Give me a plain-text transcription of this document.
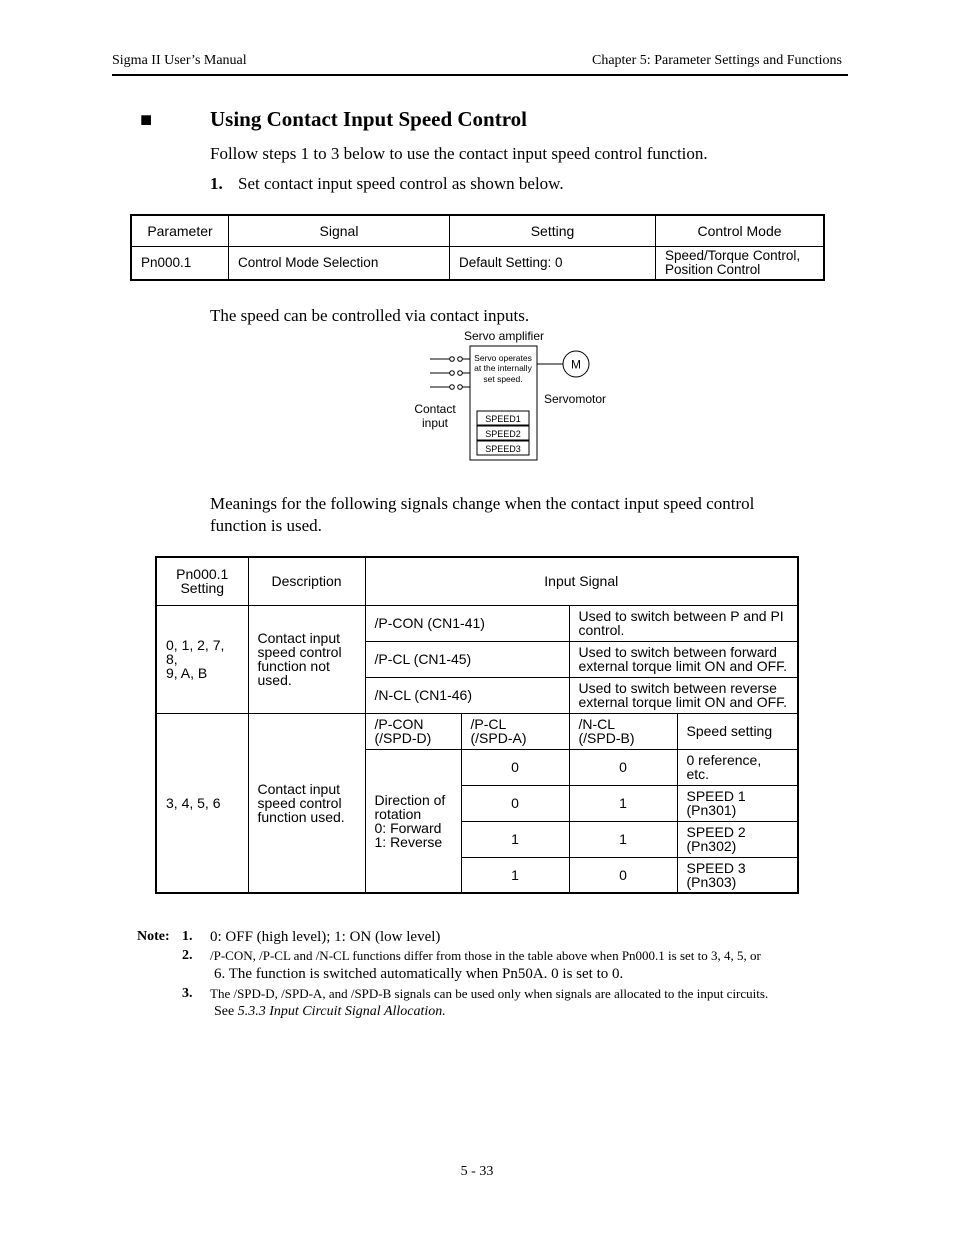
Sigma II User’s Manual	Chapter 5: Parameter Settings and Functions
■	Using Contact Input Speed Control
Follow steps 1 to 3 below to use the contact input speed control function.
1. Set contact input speed control as shown below.
Parameter	Signal	Setting	Control Mode
Pn000.1	Control Mode Selection	Default Setting: 0	Speed/Torque Control,
Position Control
The speed can be controlled via contact inputs.
Servo amplifier
Servo operates
at the internally
set speed.
M
Servomotor
Contact
input	SPEED1
SPEED2
SPEED3
Meanings for the following signals change when the contact input speed control
function is used.
Pn000.1
Setting	Description	Input Signal			
0, 1, 2, 7, 8,
9, A, B	Contact input
speed control
function not
used.	/P-CON (CN1-41)		Used to switch between P and PI
control.	
		/P-CL (CN1-45)		Used to switch between forward
external torque limit ON and OFF.	
		/N-CL (CN1-46)		Used to switch between reverse
external torque limit ON and OFF.	
3, 4, 5, 6	Contact input
speed control
function used.	/P-CON
(/SPD-D)	/P-CL
(/SPD-A)	/N-CL
(/SPD-B)	Speed setting
		Direction of
rotation
0: Forward
1: Reverse	0	0	0 reference,
etc.
			0	1	SPEED 1
(Pn301)
			1	1	SPEED 2
(Pn302)
			1	0	SPEED 3
(Pn303)
Note: 1. 0: OFF (high level); 1: ON (low level)
2. /P-CON, /P-CL and /N-CL functions differ from those in the table above when Pn000.1 is set to 3, 4, 5, or
6. The function is switched automatically when Pn50A. 0 is set to 0.
3. The /SPD-D, /SPD-A, and /SPD-B signals can be used only when signals are allocated to the input circuits.
See 5.3.3 Input Circuit Signal Allocation.
5 - 33
